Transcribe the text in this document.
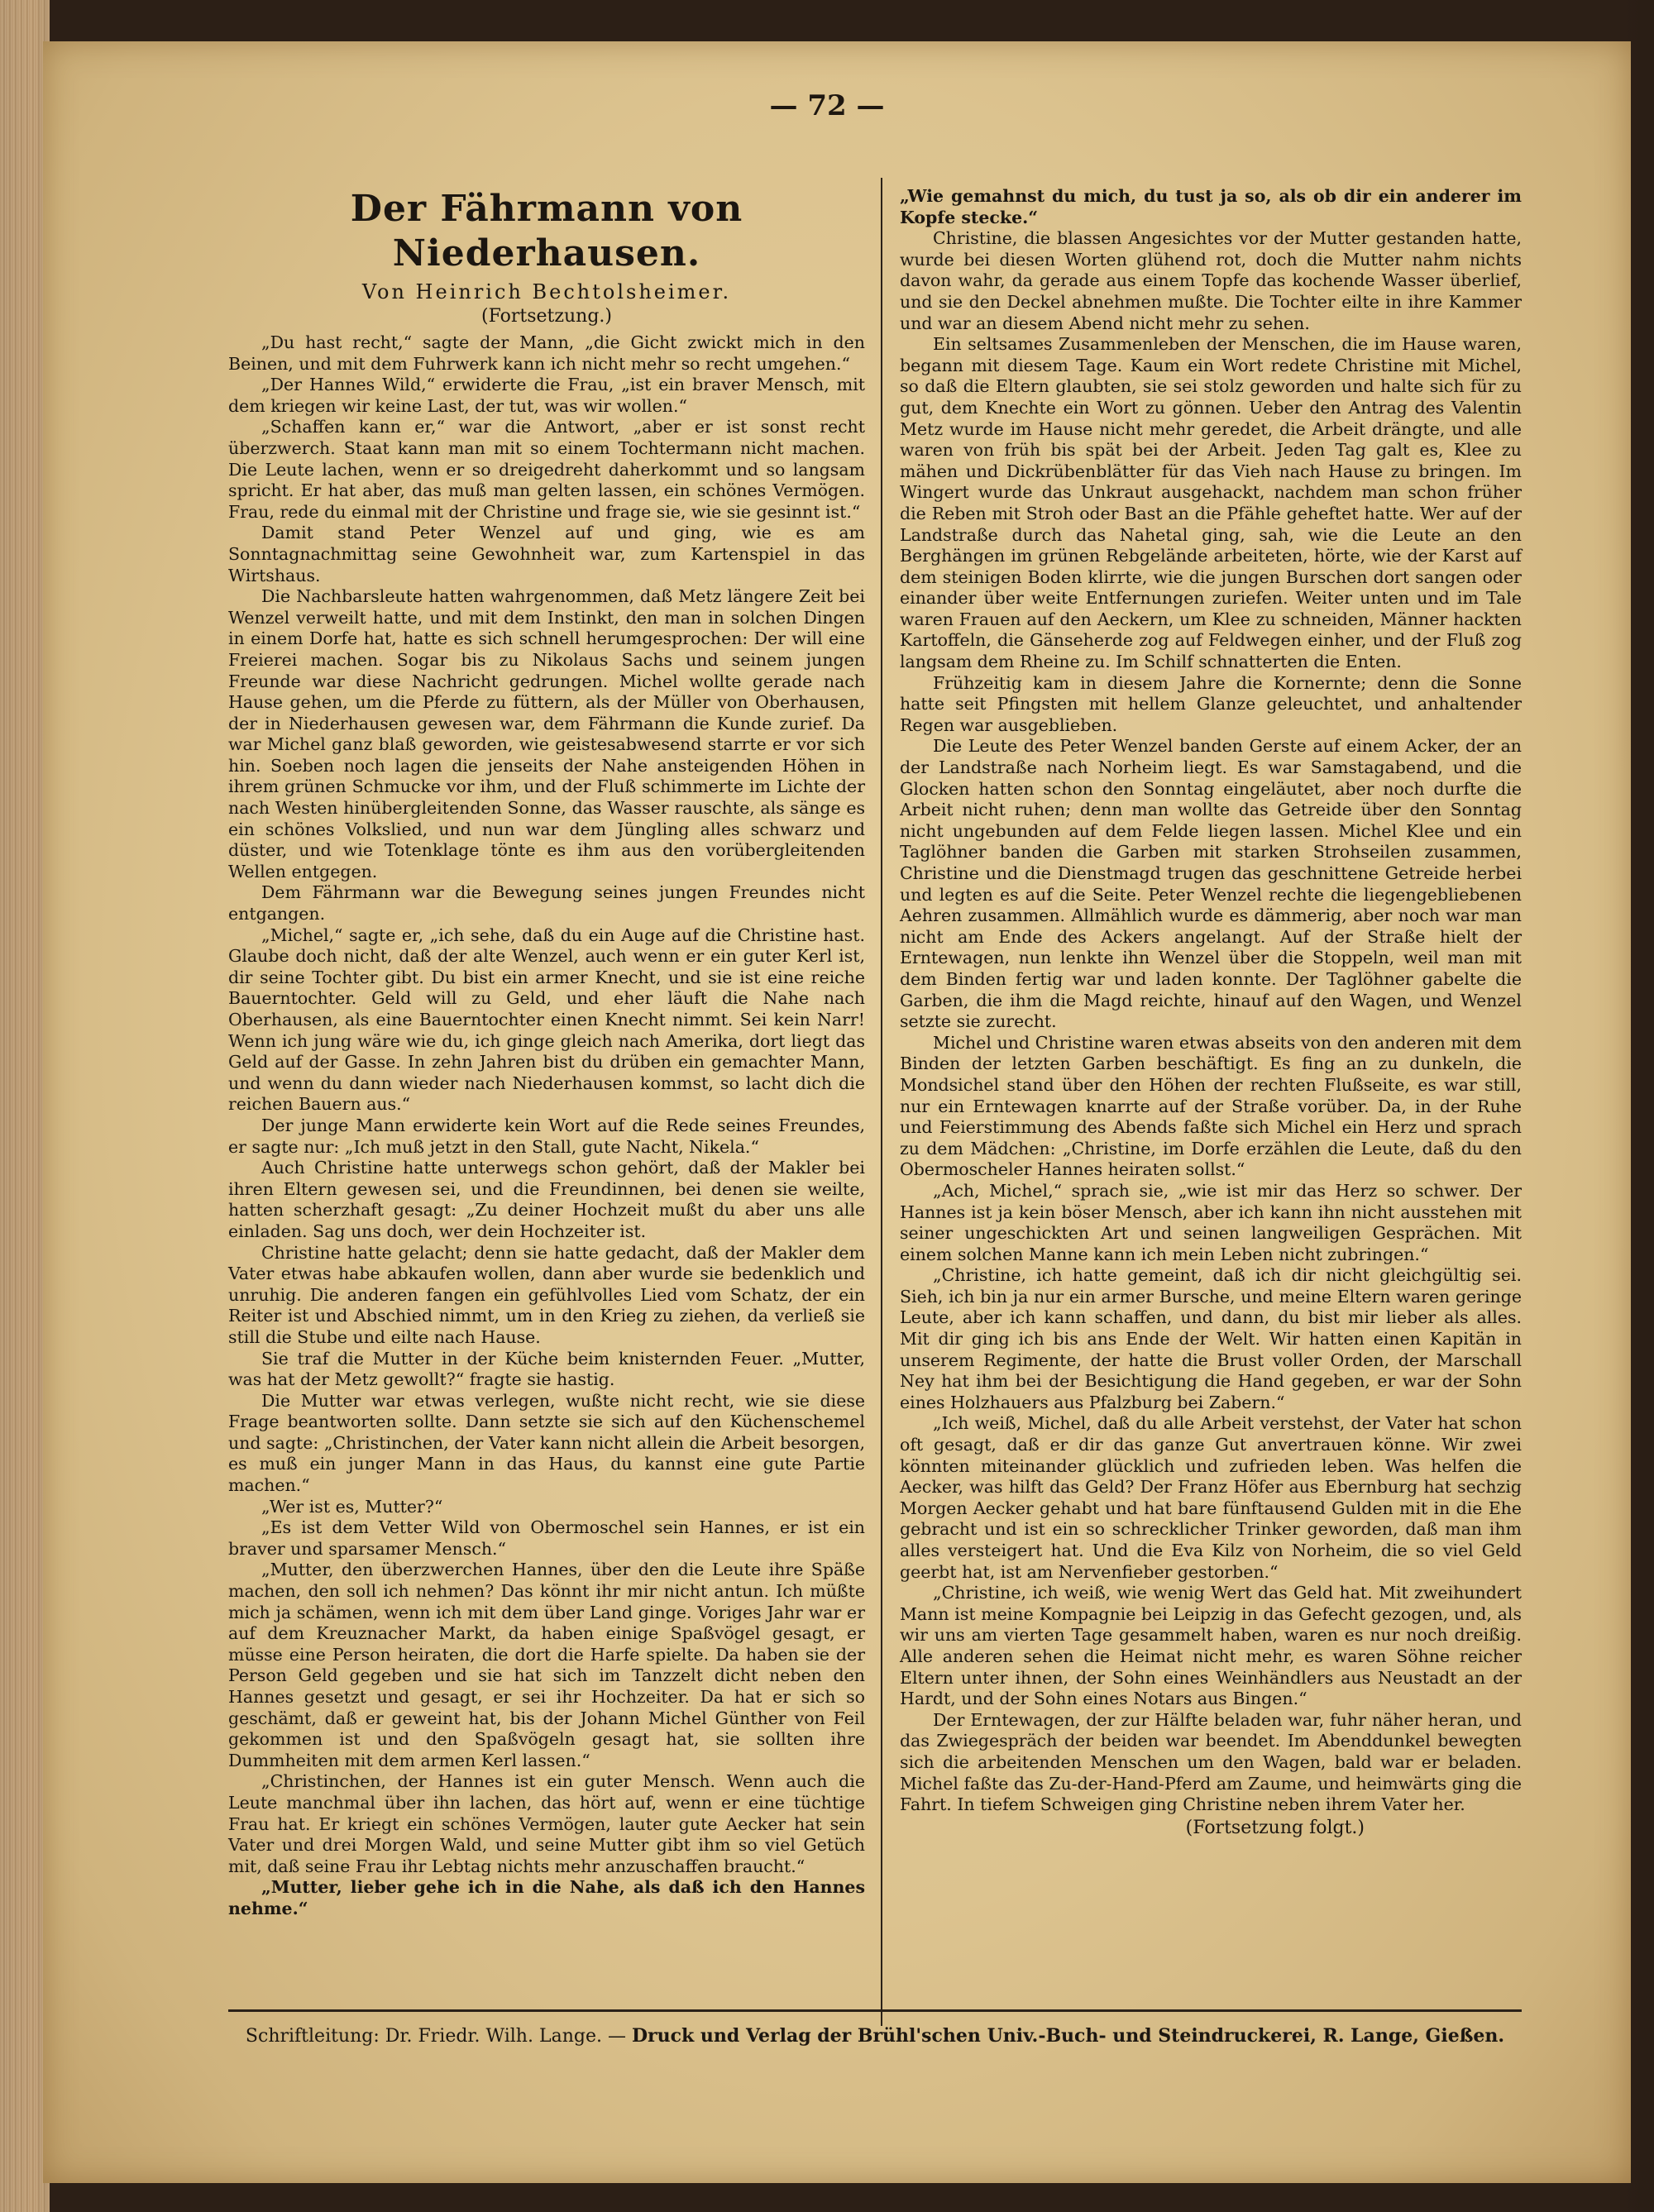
— 72 —
Der Fährmann von Niederhausen.
Von Heinrich Bechtolsheimer.
(Fortsetzung.)

„Du hast recht,“ sagte der Mann, „die Gicht zwickt mich in den Beinen, und mit dem Fuhrwerk kann ich nicht mehr so recht umgehen.“

„Der Hannes Wild,“ erwiderte die Frau, „ist ein braver Mensch, mit dem kriegen wir keine Last, der tut, was wir wollen.“

„Schaffen kann er,“ war die Antwort, „aber er ist sonst recht überzwerch. Staat kann man mit so einem Tochtermann nicht machen. Die Leute lachen, wenn er so dreigedreht daherkommt und so langsam spricht. Er hat aber, das muß man gelten lassen, ein schönes Vermögen. Frau, rede du einmal mit der Christine und frage sie, wie sie gesinnt ist.“

Damit stand Peter Wenzel auf und ging, wie es am Sonntagnachmittag seine Gewohnheit war, zum Kartenspiel in das Wirtshaus.

Die Nachbarsleute hatten wahrgenommen, daß Metz längere Zeit bei Wenzel verweilt hatte, und mit dem Instinkt, den man in solchen Dingen in einem Dorfe hat, hatte es sich schnell herumgesprochen: Der will eine Freierei machen. Sogar bis zu Nikolaus Sachs und seinem jungen Freunde war diese Nachricht gedrungen. Michel wollte gerade nach Hause gehen, um die Pferde zu füttern, als der Müller von Oberhausen, der in Niederhausen gewesen war, dem Fährmann die Kunde zurief. Da war Michel ganz blaß geworden, wie geistesabwesend starrte er vor sich hin. Soeben noch lagen die jenseits der Nahe ansteigenden Höhen in ihrem grünen Schmucke vor ihm, und der Fluß schimmerte im Lichte der nach Westen hinübergleitenden Sonne, das Wasser rauschte, als sänge es ein schönes Volkslied, und nun war dem Jüngling alles schwarz und düster, und wie Totenklage tönte es ihm aus den vorübergleitenden Wellen entgegen.

Dem Fährmann war die Bewegung seines jungen Freundes nicht entgangen.

„Michel,“ sagte er, „ich sehe, daß du ein Auge auf die Christine hast. Glaube doch nicht, daß der alte Wenzel, auch wenn er ein guter Kerl ist, dir seine Tochter gibt. Du bist ein armer Knecht, und sie ist eine reiche Bauerntochter. Geld will zu Geld, und eher läuft die Nahe nach Oberhausen, als eine Bauerntochter einen Knecht nimmt. Sei kein Narr! Wenn ich jung wäre wie du, ich ginge gleich nach Amerika, dort liegt das Geld auf der Gasse. In zehn Jahren bist du drüben ein gemachter Mann, und wenn du dann wieder nach Niederhausen kommst, so lacht dich die reichen Bauern aus.“

Der junge Mann erwiderte kein Wort auf die Rede seines Freundes, er sagte nur: „Ich muß jetzt in den Stall, gute Nacht, Nikela.“

Auch Christine hatte unterwegs schon gehört, daß der Makler bei ihren Eltern gewesen sei, und die Freundinnen, bei denen sie weilte, hatten scherzhaft gesagt: „Zu deiner Hochzeit mußt du aber uns alle einladen. Sag uns doch, wer dein Hochzeiter ist.

Christine hatte gelacht; denn sie hatte gedacht, daß der Makler dem Vater etwas habe abkaufen wollen, dann aber wurde sie bedenklich und unruhig. Die anderen fangen ein gefühlvolles Lied vom Schatz, der ein Reiter ist und Abschied nimmt, um in den Krieg zu ziehen, da verließ sie still die Stube und eilte nach Hause.

Sie traf die Mutter in der Küche beim knisternden Feuer. „Mutter, was hat der Metz gewollt?“ fragte sie hastig.

Die Mutter war etwas verlegen, wußte nicht recht, wie sie diese Frage beantworten sollte. Dann setzte sie sich auf den Küchenschemel und sagte: „Christinchen, der Vater kann nicht allein die Arbeit besorgen, es muß ein junger Mann in das Haus, du kannst eine gute Partie machen.“

„Wer ist es, Mutter?“

„Es ist dem Vetter Wild von Obermoschel sein Hannes, er ist ein braver und sparsamer Mensch.“

„Mutter, den überzwerchen Hannes, über den die Leute ihre Späße machen, den soll ich nehmen? Das könnt ihr mir nicht antun. Ich müßte mich ja schämen, wenn ich mit dem über Land ginge. Voriges Jahr war er auf dem Kreuznacher Markt, da haben einige Spaßvögel gesagt, er müsse eine Person heiraten, die dort die Harfe spielte. Da haben sie der Person Geld gegeben und sie hat sich im Tanzzelt dicht neben den Hannes gesetzt und gesagt, er sei ihr Hochzeiter. Da hat er sich so geschämt, daß er geweint hat, bis der Johann Michel Günther von Feil gekommen ist und den Spaßvögeln gesagt hat, sie sollten ihre Dummheiten mit dem armen Kerl lassen.“

„Christinchen, der Hannes ist ein guter Mensch. Wenn auch die Leute manchmal über ihn lachen, das hört auf, wenn er eine tüchtige Frau hat. Er kriegt ein schönes Vermögen, lauter gute Aecker hat sein Vater und drei Morgen Wald, und seine Mutter gibt ihm so viel Getüch mit, daß seine Frau ihr Lebtag nichts mehr anzuschaffen braucht.“

„Mutter, lieber gehe ich in die Nahe, als daß ich den Hannes nehme.“

„Wie gemahnst du mich, du tust ja so, als ob dir ein anderer im Kopfe stecke.“

Christine, die blassen Angesichtes vor der Mutter gestanden hatte, wurde bei diesen Worten glühend rot, doch die Mutter nahm nichts davon wahr, da gerade aus einem Topfe das kochende Wasser überlief, und sie den Deckel abnehmen mußte. Die Tochter eilte in ihre Kammer und war an diesem Abend nicht mehr zu sehen.

Ein seltsames Zusammenleben der Menschen, die im Hause waren, begann mit diesem Tage. Kaum ein Wort redete Christine mit Michel, so daß die Eltern glaubten, sie sei stolz geworden und halte sich für zu gut, dem Knechte ein Wort zu gönnen. Ueber den Antrag des Valentin Metz wurde im Hause nicht mehr geredet, die Arbeit drängte, und alle waren von früh bis spät bei der Arbeit. Jeden Tag galt es, Klee zu mähen und Dickrübenblätter für das Vieh nach Hause zu bringen. Im Wingert wurde das Unkraut ausgehackt, nachdem man schon früher die Reben mit Stroh oder Bast an die Pfähle geheftet hatte. Wer auf der Landstraße durch das Nahetal ging, sah, wie die Leute an den Berghängen im grünen Rebgelände arbeiteten, hörte, wie der Karst auf dem steinigen Boden klirrte, wie die jungen Burschen dort sangen oder einander über weite Entfernungen zuriefen. Weiter unten und im Tale waren Frauen auf den Aeckern, um Klee zu schneiden, Männer hackten Kartoffeln, die Gänseherde zog auf Feldwegen einher, und der Fluß zog langsam dem Rheine zu. Im Schilf schnatterten die Enten.

Frühzeitig kam in diesem Jahre die Kornernte; denn die Sonne hatte seit Pfingsten mit hellem Glanze geleuchtet, und anhaltender Regen war ausgeblieben.

Die Leute des Peter Wenzel banden Gerste auf einem Acker, der an der Landstraße nach Norheim liegt. Es war Samstagabend, und die Glocken hatten schon den Sonntag eingeläutet, aber noch durfte die Arbeit nicht ruhen; denn man wollte das Getreide über den Sonntag nicht ungebunden auf dem Felde liegen lassen. Michel Klee und ein Taglöhner banden die Garben mit starken Strohseilen zusammen, Christine und die Dienstmagd trugen das geschnittene Getreide herbei und legten es auf die Seite. Peter Wenzel rechte die liegengebliebenen Aehren zusammen. Allmählich wurde es dämmerig, aber noch war man nicht am Ende des Ackers angelangt. Auf der Straße hielt der Erntewagen, nun lenkte ihn Wenzel über die Stoppeln, weil man mit dem Binden fertig war und laden konnte. Der Taglöhner gabelte die Garben, die ihm die Magd reichte, hinauf auf den Wagen, und Wenzel setzte sie zurecht.

Michel und Christine waren etwas abseits von den anderen mit dem Binden der letzten Garben beschäftigt. Es fing an zu dunkeln, die Mondsichel stand über den Höhen der rechten Flußseite, es war still, nur ein Erntewagen knarrte auf der Straße vorüber. Da, in der Ruhe und Feierstimmung des Abends faßte sich Michel ein Herz und sprach zu dem Mädchen: „Christine, im Dorfe erzählen die Leute, daß du den Obermoscheler Hannes heiraten sollst.“

„Ach, Michel,“ sprach sie, „wie ist mir das Herz so schwer. Der Hannes ist ja kein böser Mensch, aber ich kann ihn nicht ausstehen mit seiner ungeschickten Art und seinen langweiligen Gesprächen. Mit einem solchen Manne kann ich mein Leben nicht zubringen.“

„Christine, ich hatte gemeint, daß ich dir nicht gleichgültig sei. Sieh, ich bin ja nur ein armer Bursche, und meine Eltern waren geringe Leute, aber ich kann schaffen, und dann, du bist mir lieber als alles. Mit dir ging ich bis ans Ende der Welt. Wir hatten einen Kapitän in unserem Regimente, der hatte die Brust voller Orden, der Marschall Ney hat ihm bei der Besichtigung die Hand gegeben, er war der Sohn eines Holzhauers aus Pfalzburg bei Zabern.“

„Ich weiß, Michel, daß du alle Arbeit verstehst, der Vater hat schon oft gesagt, daß er dir das ganze Gut anvertrauen könne. Wir zwei könnten miteinander glücklich und zufrieden leben. Was helfen die Aecker, was hilft das Geld? Der Franz Höfer aus Ebernburg hat sechzig Morgen Aecker gehabt und hat bare fünftausend Gulden mit in die Ehe gebracht und ist ein so schrecklicher Trinker geworden, daß man ihm alles versteigert hat. Und die Eva Kilz von Norheim, die so viel Geld geerbt hat, ist am Nervenfieber gestorben.“

„Christine, ich weiß, wie wenig Wert das Geld hat. Mit zweihundert Mann ist meine Kompagnie bei Leipzig in das Gefecht gezogen, und, als wir uns am vierten Tage gesammelt haben, waren es nur noch dreißig. Alle anderen sehen die Heimat nicht mehr, es waren Söhne reicher Eltern unter ihnen, der Sohn eines Weinhändlers aus Neustadt an der Hardt, und der Sohn eines Notars aus Bingen.“

Der Erntewagen, der zur Hälfte beladen war, fuhr näher heran, und das Zwiegespräch der beiden war beendet. Im Abenddunkel bewegten sich die arbeitenden Menschen um den Wagen, bald war er beladen. Michel faßte das Zu-der-Hand-Pferd am Zaume, und heimwärts ging die Fahrt. In tiefem Schweigen ging Christine neben ihrem Vater her.

(Fortsetzung folgt.)
Schriftleitung: Dr. Friedr. Wilh. Lange. — Druck und Verlag der Brühl'schen Univ.-Buch- und Steindruckerei, R. Lange, Gießen.
